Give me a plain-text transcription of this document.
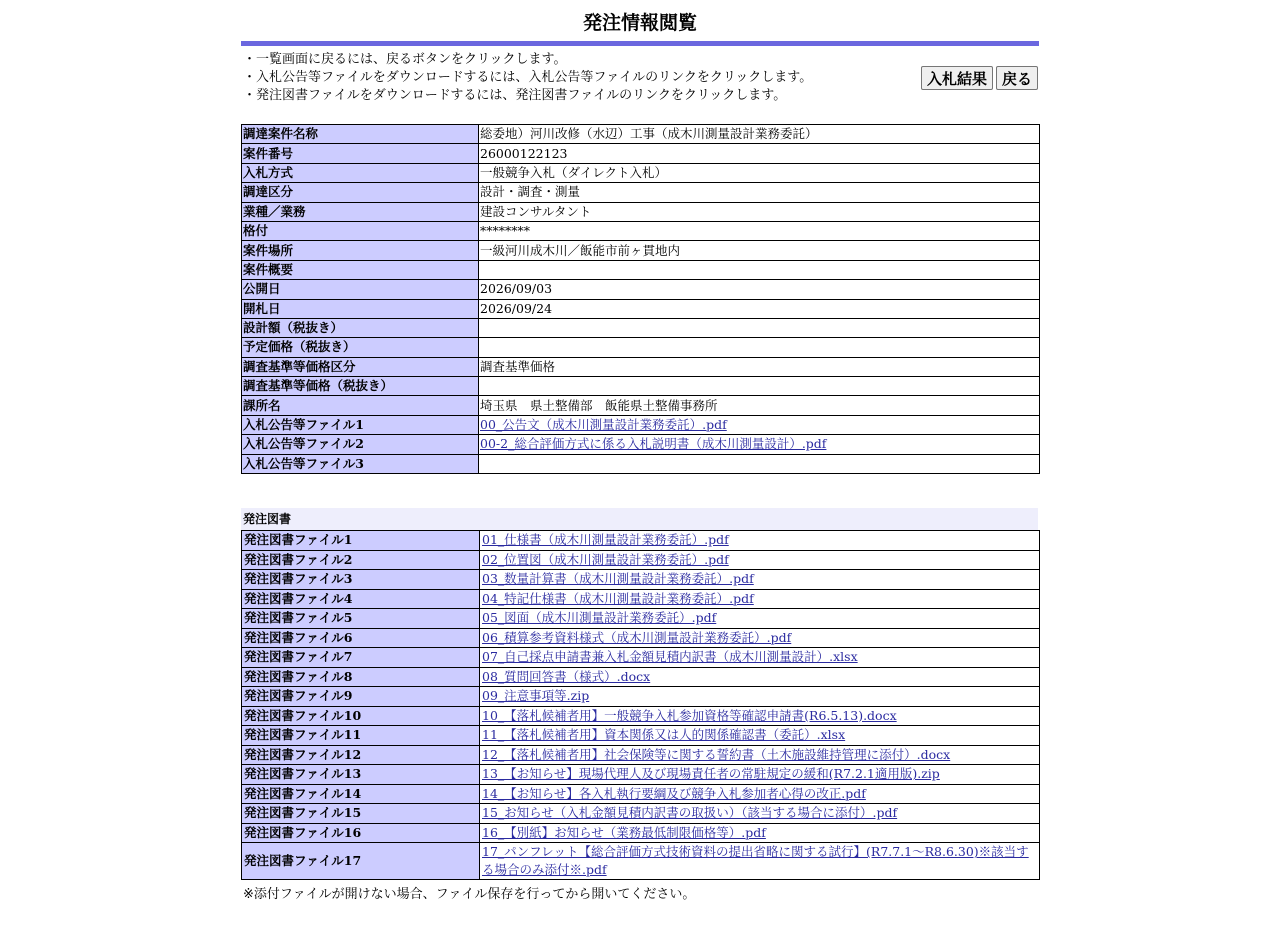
発注情報閲覧
・一覧画面に戻るには、戻るボタンをクリックします。
・入札公告等ファイルをダウンロードするには、入札公告等ファイルのリンクをクリックします。
・発注図書ファイルをダウンロードするには、発注図書ファイルのリンクをクリックします。
入札結果	戻る
調達案件名称	総委地）河川改修（水辺）工事（成木川測量設計業務委託）
案件番号	26000122123
入札方式	一般競争入札（ダイレクト入札）
調達区分	設計・調査・測量
業種／業務	建設コンサルタント
格付	********
案件場所	一級河川成木川／飯能市前ヶ貫地内
案件概要	
公開日	2026/09/03
開札日	2026/09/24
設計額（税抜き）	
予定価格（税抜き）	
調査基準等価格区分	調査基準価格
調査基準等価格（税抜き）	
課所名	埼玉県　県土整備部　飯能県土整備事務所
入札公告等ファイル1	00_公告文（成木川測量設計業務委託）.pdf
入札公告等ファイル2	00-2_総合評価方式に係る入札説明書（成木川測量設計）.pdf
入札公告等ファイル3	
発注図書
発注図書ファイル1	01_仕様書（成木川測量設計業務委託）.pdf
発注図書ファイル2	02_位置図（成木川測量設計業務委託）.pdf
発注図書ファイル3	03_数量計算書（成木川測量設計業務委託）.pdf
発注図書ファイル4	04_特記仕様書（成木川測量設計業務委託）.pdf
発注図書ファイル5	05_図面（成木川測量設計業務委託）.pdf
発注図書ファイル6	06_積算参考資料様式（成木川測量設計業務委託）.pdf
発注図書ファイル7	07_自己採点申請書兼入札金額見積内訳書（成木川測量設計）.xlsx
発注図書ファイル8	08_質問回答書（様式）.docx
発注図書ファイル9	09_注意事項等.zip
発注図書ファイル10	10_【落札候補者用】一般競争入札参加資格等確認申請書(R6.5.13).docx
発注図書ファイル11	11_【落札候補者用】資本関係又は人的関係確認書（委託）.xlsx
発注図書ファイル12	12_【落札候補者用】社会保険等に関する誓約書（土木施設維持管理に添付）.docx
発注図書ファイル13	13_【お知らせ】現場代理人及び現場責任者の常駐規定の緩和(R7.2.1適用版).zip
発注図書ファイル14	14_【お知らせ】各入札執行要綱及び競争入札参加者心得の改正.pdf
発注図書ファイル15	15_お知らせ（入札金額見積内訳書の取扱い）（該当する場合に添付）.pdf
発注図書ファイル16	16_【別紙】お知らせ（業務最低制限価格等）.pdf
発注図書ファイル17	17_パンフレット【総合評価方式技術資料の提出省略に関する試行】(R7.7.1～R8.6.30)※該当する場合のみ添付※.pdf
※添付ファイルが開けない場合、ファイル保存を行ってから開いてください。
